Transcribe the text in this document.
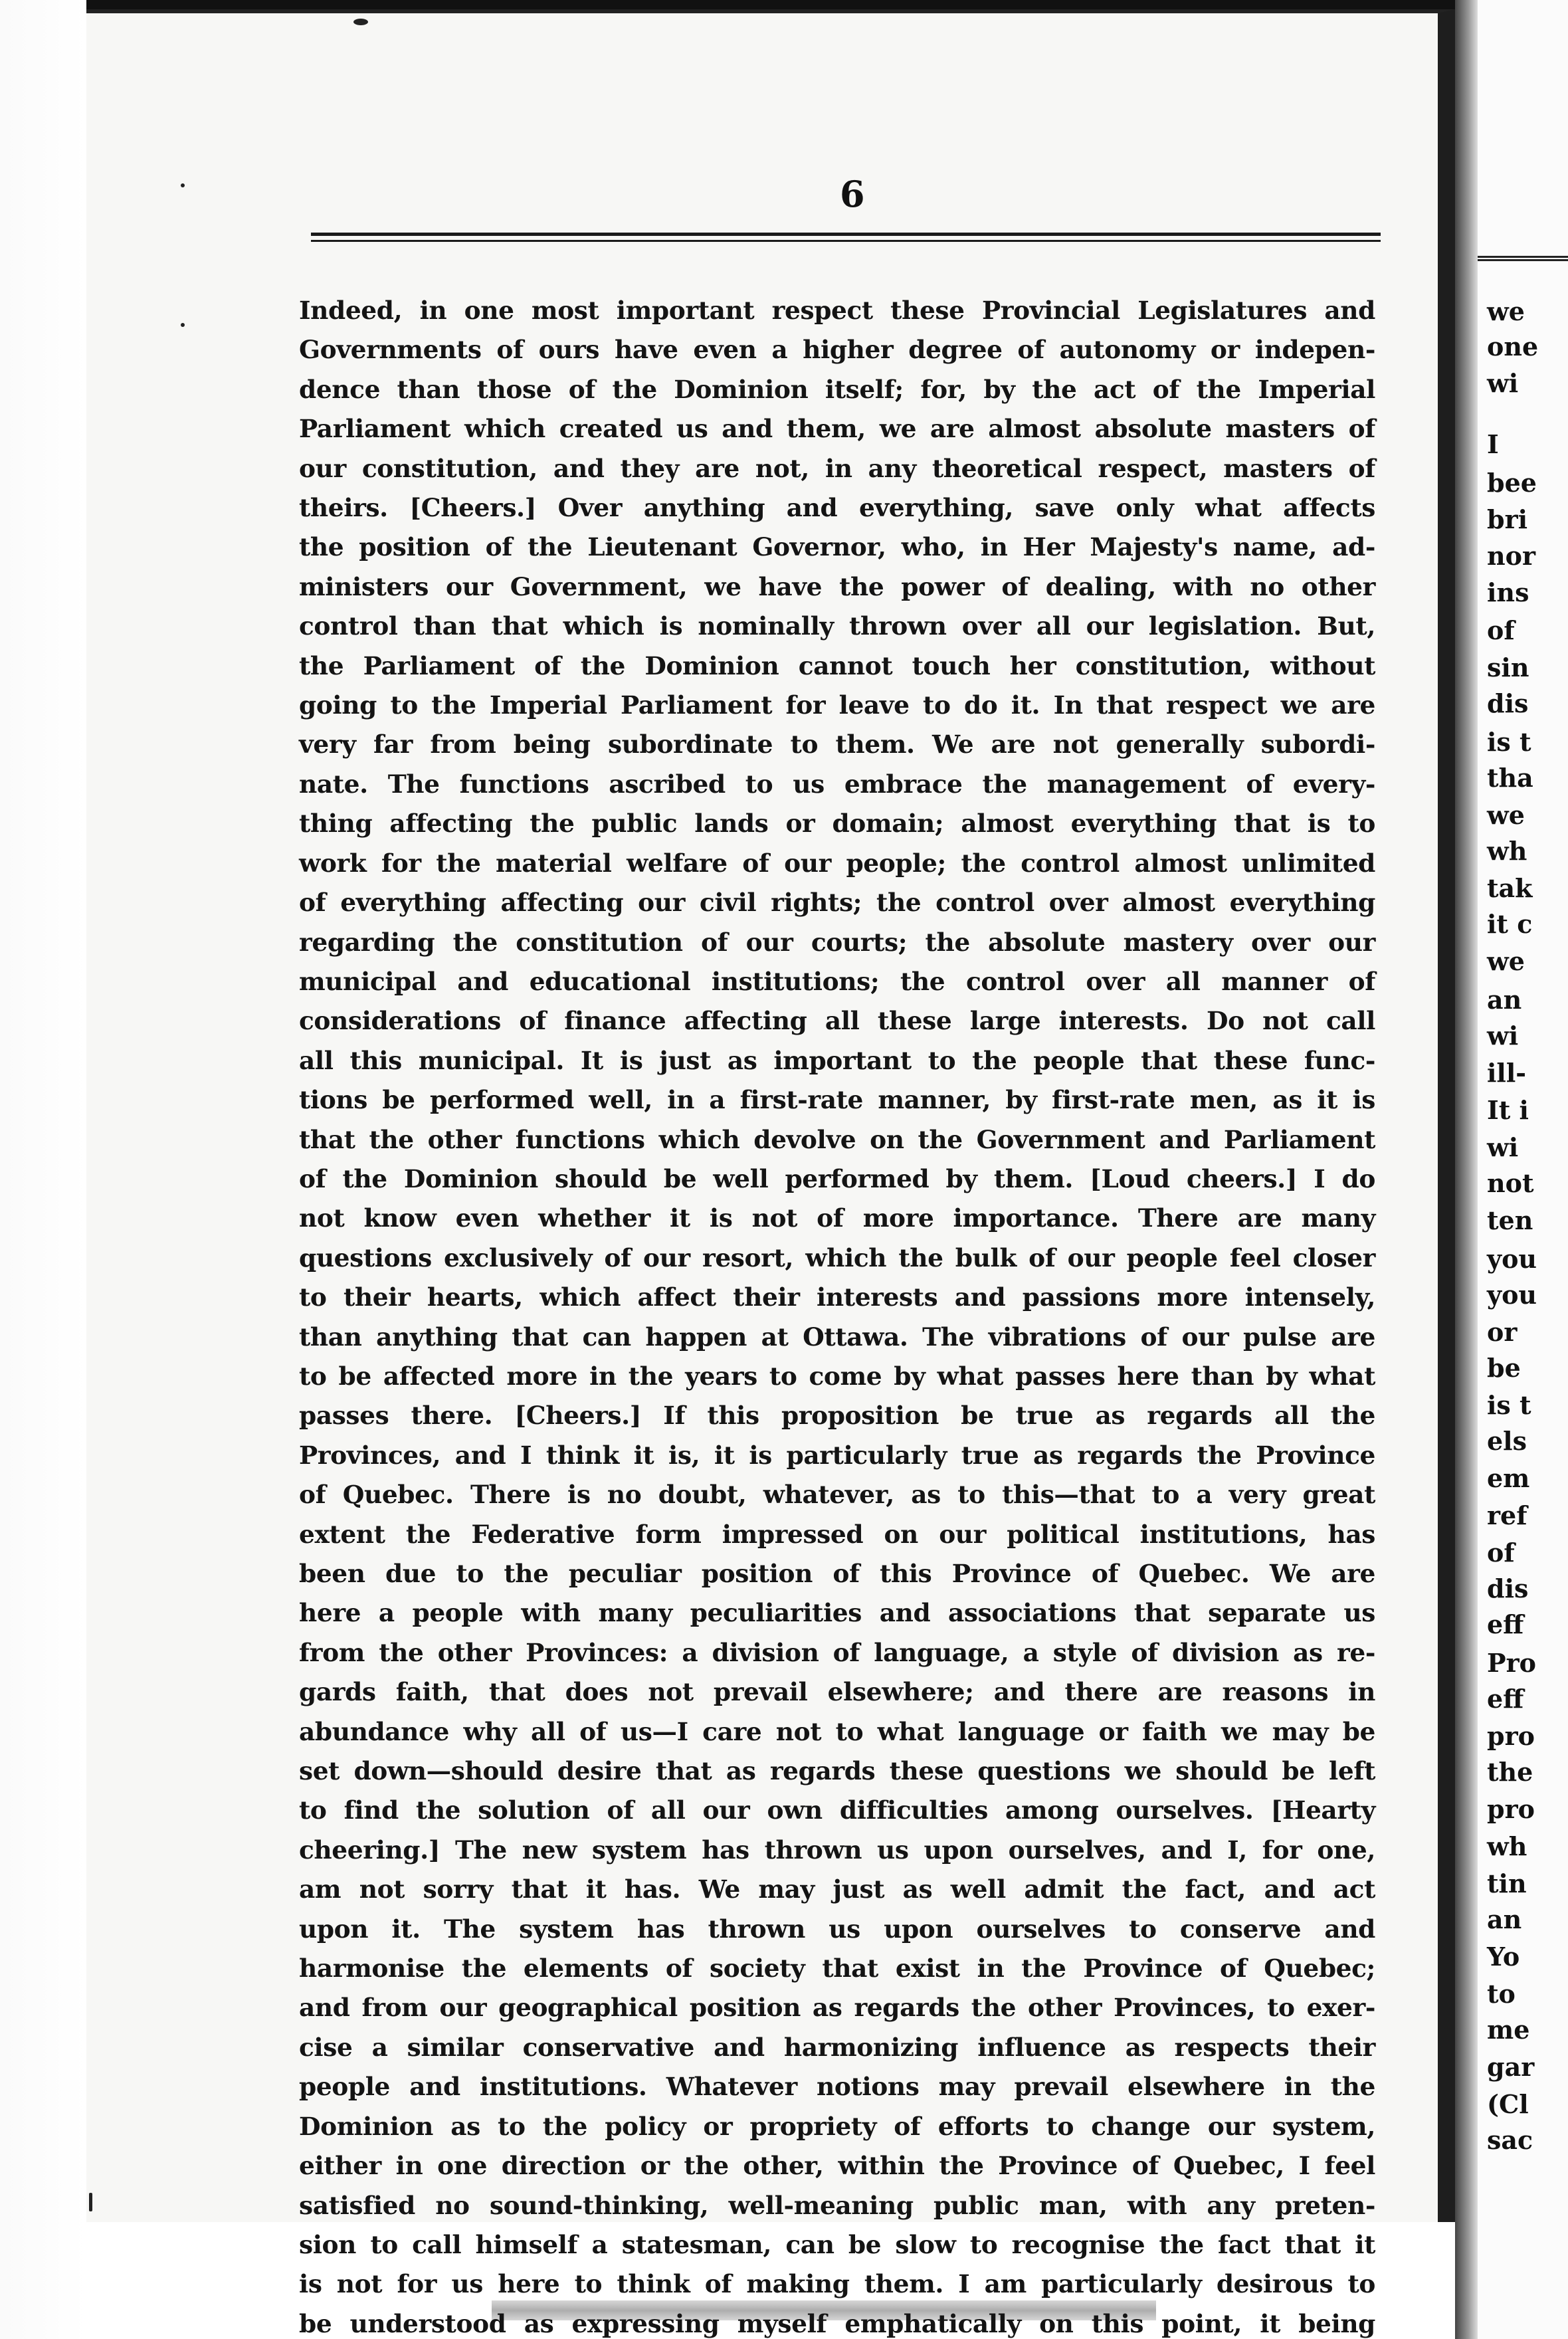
we
one
wi
I
bee
bri
nor
ins
of
sin
dis
is t
tha
we
wh
tak
it c
we
an
wi
ill-
It i
wi
not
ten
you
you
or
be
is t
els
em
ref
of
dis
eff
Pro
eff
pro
the
pro
wh
tin
an
Yo
to
me
gar
(Cl
sac
6
Indeed, in one most important respect these Provincial Legislatures and
Governments of ours have even a higher degree of autonomy or indepen-
dence than those of the Dominion itself; for, by the act of the Imperial
Parliament which created us and them, we are almost absolute masters of
our constitution, and they are not, in any theoretical respect, masters of
theirs. [Cheers.] Over anything and everything, save only what affects
the position of the Lieutenant Governor, who, in Her Majesty's name, ad-
ministers our Government, we have the power of dealing, with no other
control than that which is nominally thrown over all our legislation. But,
the Parliament of the Dominion cannot touch her constitution, without
going to the Imperial Parliament for leave to do it. In that respect we are
very far from being subordinate to them. We are not generally subordi-
nate. The functions ascribed to us embrace the management of every-
thing affecting the public lands or domain; almost everything that is to
work for the material welfare of our people; the control almost unlimited
of everything affecting our civil rights; the control over almost everything
regarding the constitution of our courts; the absolute mastery over our
municipal and educational institutions; the control over all manner of
considerations of finance affecting all these large interests. Do not call
all this municipal. It is just as important to the people that these func-
tions be performed well, in a first-rate manner, by first-rate men, as it is
that the other functions which devolve on the Government and Parliament
of the Dominion should be well performed by them. [Loud cheers.] I do
not know even whether it is not of more importance. There are many
questions exclusively of our resort, which the bulk of our people feel closer
to their hearts, which affect their interests and passions more intensely,
than anything that can happen at Ottawa. The vibrations of our pulse are
to be affected more in the years to come by what passes here than by what
passes there. [Cheers.] If this proposition be true as regards all the
Provinces, and I think it is, it is particularly true as regards the Province
of Quebec. There is no doubt, whatever, as to this—that to a very great
extent the Federative form impressed on our political institutions, has
been due to the peculiar position of this Province of Quebec. We are
here a people with many peculiarities and associations that separate us
from the other Provinces: a division of language, a style of division as re-
gards faith, that does not prevail elsewhere; and there are reasons in
abundance why all of us—I care not to what language or faith we may be
set down—should desire that as regards these questions we should be left
to find the solution of all our own difficulties among ourselves. [Hearty
cheering.] The new system has thrown us upon ourselves, and I, for one,
am not sorry that it has. We may just as well admit the fact, and act
upon it. The system has thrown us upon ourselves to conserve and
harmonise the elements of society that exist in the Province of Quebec;
and from our geographical position as regards the other Provinces, to exer-
cise a similar conservative and harmonizing influence as respects their
people and institutions. Whatever notions may prevail elsewhere in the
Dominion as to the policy or propriety of efforts to change our system,
either in one direction or the other, within the Province of Quebec, I feel
satisfied no sound-thinking, well-meaning public man, with any preten-
sion to call himself a statesman, can be slow to recognise the fact that it
is not for us here to think of making them. I am particularly desirous to
be understood as expressing myself emphatically on this point, it being
